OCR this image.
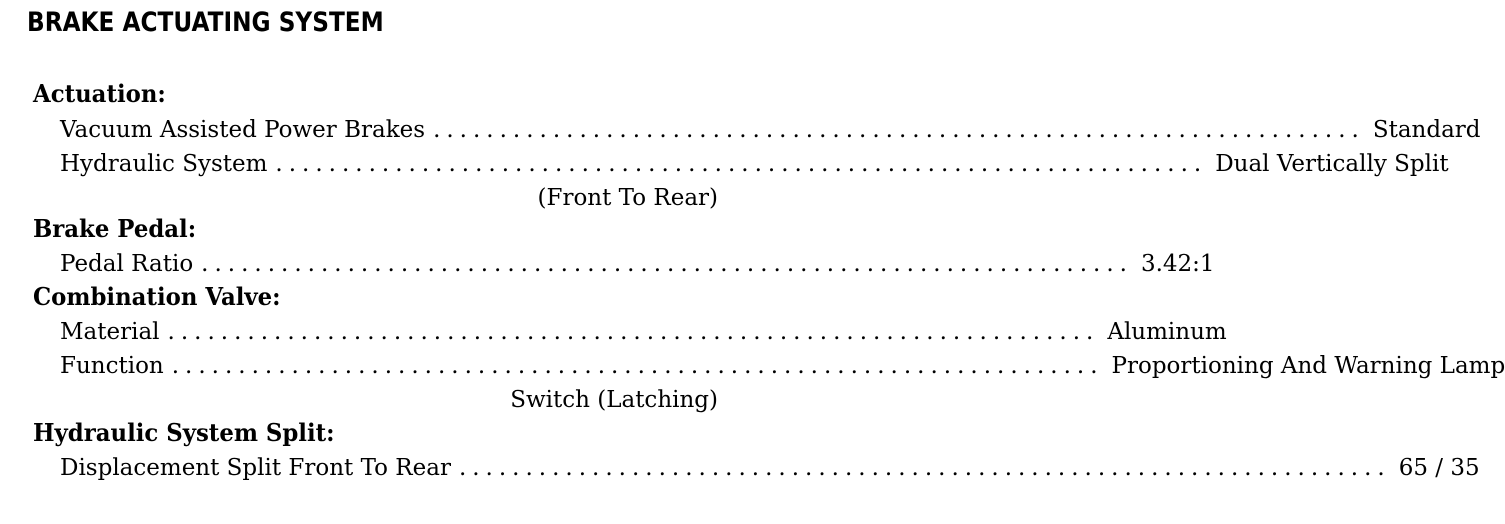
BRAKE ACTUATING SYSTEM
Actuation:
Vacuum Assisted Power Brakes ...................................................................... Standard
Hydraulic System ...................................................................... Dual Vertically Split
(Front To Rear)
Brake Pedal:
Pedal Ratio ...................................................................... 3.42:1
Combination Valve:
Material ...................................................................... Aluminum
Function ...................................................................... Proportioning And Warning Lamp
Switch (Latching)
Hydraulic System Split:
Displacement Split Front To Rear ...................................................................... 65 / 35
